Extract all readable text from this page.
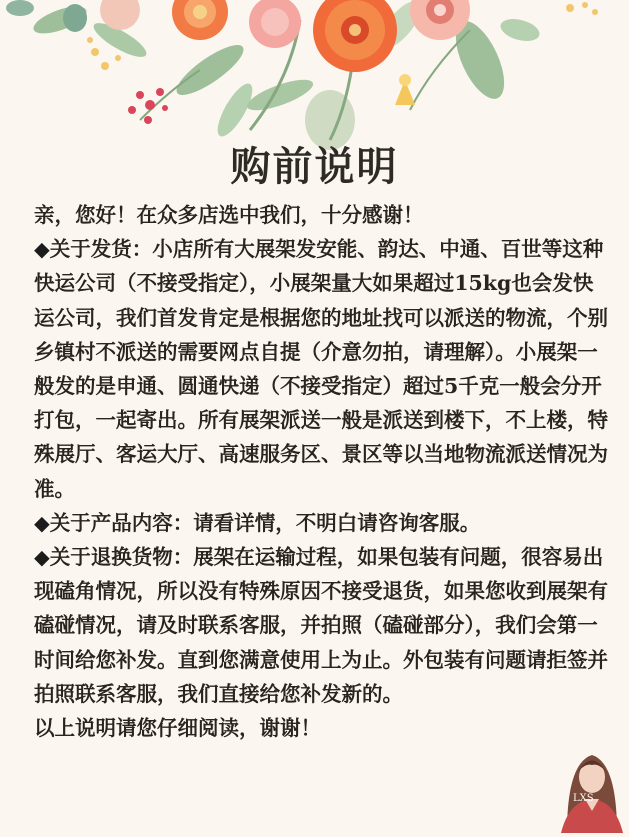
购前说明

亲，您好！在众多店选中我们，十分感谢！

◆关于发货：小店所有大展架发安能、韵达、中通、百世等这种快运公司（不接受指定），小展架量大如果超过15kg也会发快运公司，我们首发肯定是根据您的地址找可以派送的物流，个别乡镇村不派送的需要网点自提（介意勿拍，请理解）。小展架一般发的是申通、圆通快递（不接受指定）超过5千克一般会分开打包，一起寄出。所有展架派送一般是派送到楼下，不上楼，特殊展厅、客运大厅、高速服务区、景区等以当地物流派送情况为准。

◆关于产品内容：请看详情，不明白请咨询客服。

◆关于退换货物：展架在运输过程，如果包装有问题，很容易出现磕角情况，所以没有特殊原因不接受退货，如果您收到展架有磕碰情况，请及时联系客服，并拍照（磕碰部分），我们会第一时间给您补发。直到您满意使用上为止。外包装有问题请拒签并拍照联系客服，我们直接给您补发新的。

以上说明请您仔细阅读，谢谢！

LXS
